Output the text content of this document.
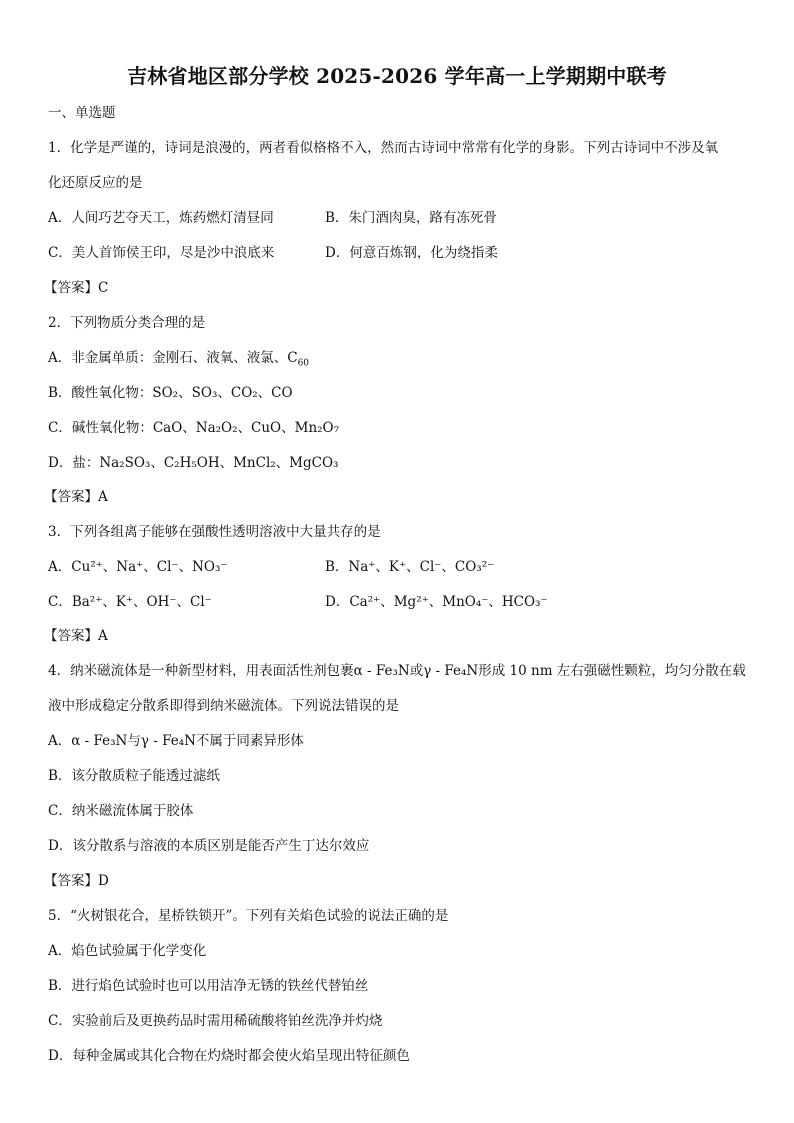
吉林省地区部分学校 2025-2026 学年高一上学期期中联考
一、单选题
1．化学是严谨的，诗词是浪漫的，两者看似格格不入，然而古诗词中常常有化学的身影。下列古诗词中不涉及氧
化还原反应的是
A．人间巧艺夺天工，炼药燃灯清昼同	B．朱门酒肉臭，路有冻死骨
C．美人首饰侯王印，尽是沙中浪底来	D．何意百炼钢，化为绕指柔
【答案】C
2．下列物质分类合理的是
A．非金属单质：金刚石、液氧、液氯、$C_{60}$
B．酸性氧化物：SO₂、SO₃、CO₂、CO
C．碱性氧化物：CaO、Na₂O₂、CuO、Mn₂O₇
D．盐：Na₂SO₃、C₂H₅OH、MnCl₂、MgCO₃
【答案】A
3．下列各组离子能够在强酸性透明溶液中大量共存的是
A．Cu²⁺、Na⁺、Cl⁻、NO₃⁻	B．Na⁺、K⁺、Cl⁻、CO₃²⁻
C．Ba²⁺、K⁺、OH⁻、Cl⁻	D．Ca²⁺、Mg²⁺、MnO₄⁻、HCO₃⁻
【答案】A
4．纳米磁流体是一种新型材料，用表面活性剂包裹α - Fe₃N或γ - Fe₄N形成 10 nm 左右强磁性颗粒，均匀分散在载
液中形成稳定分散系即得到纳米磁流体。下列说法错误的是
A．α - Fe₃N与γ - Fe₄N不属于同素异形体
B．该分散质粒子能透过滤纸
C．纳米磁流体属于胶体
D．该分散系与溶液的本质区别是能否产生丁达尔效应
【答案】D
5．“火树银花合，星桥铁锁开”。下列有关焰色试验的说法正确的是
A．焰色试验属于化学变化
B．进行焰色试验时也可以用洁净无锈的铁丝代替铂丝
C．实验前后及更换药品时需用稀硫酸将铂丝洗净并灼烧
D．每种金属或其化合物在灼烧时都会使火焰呈现出特征颜色
